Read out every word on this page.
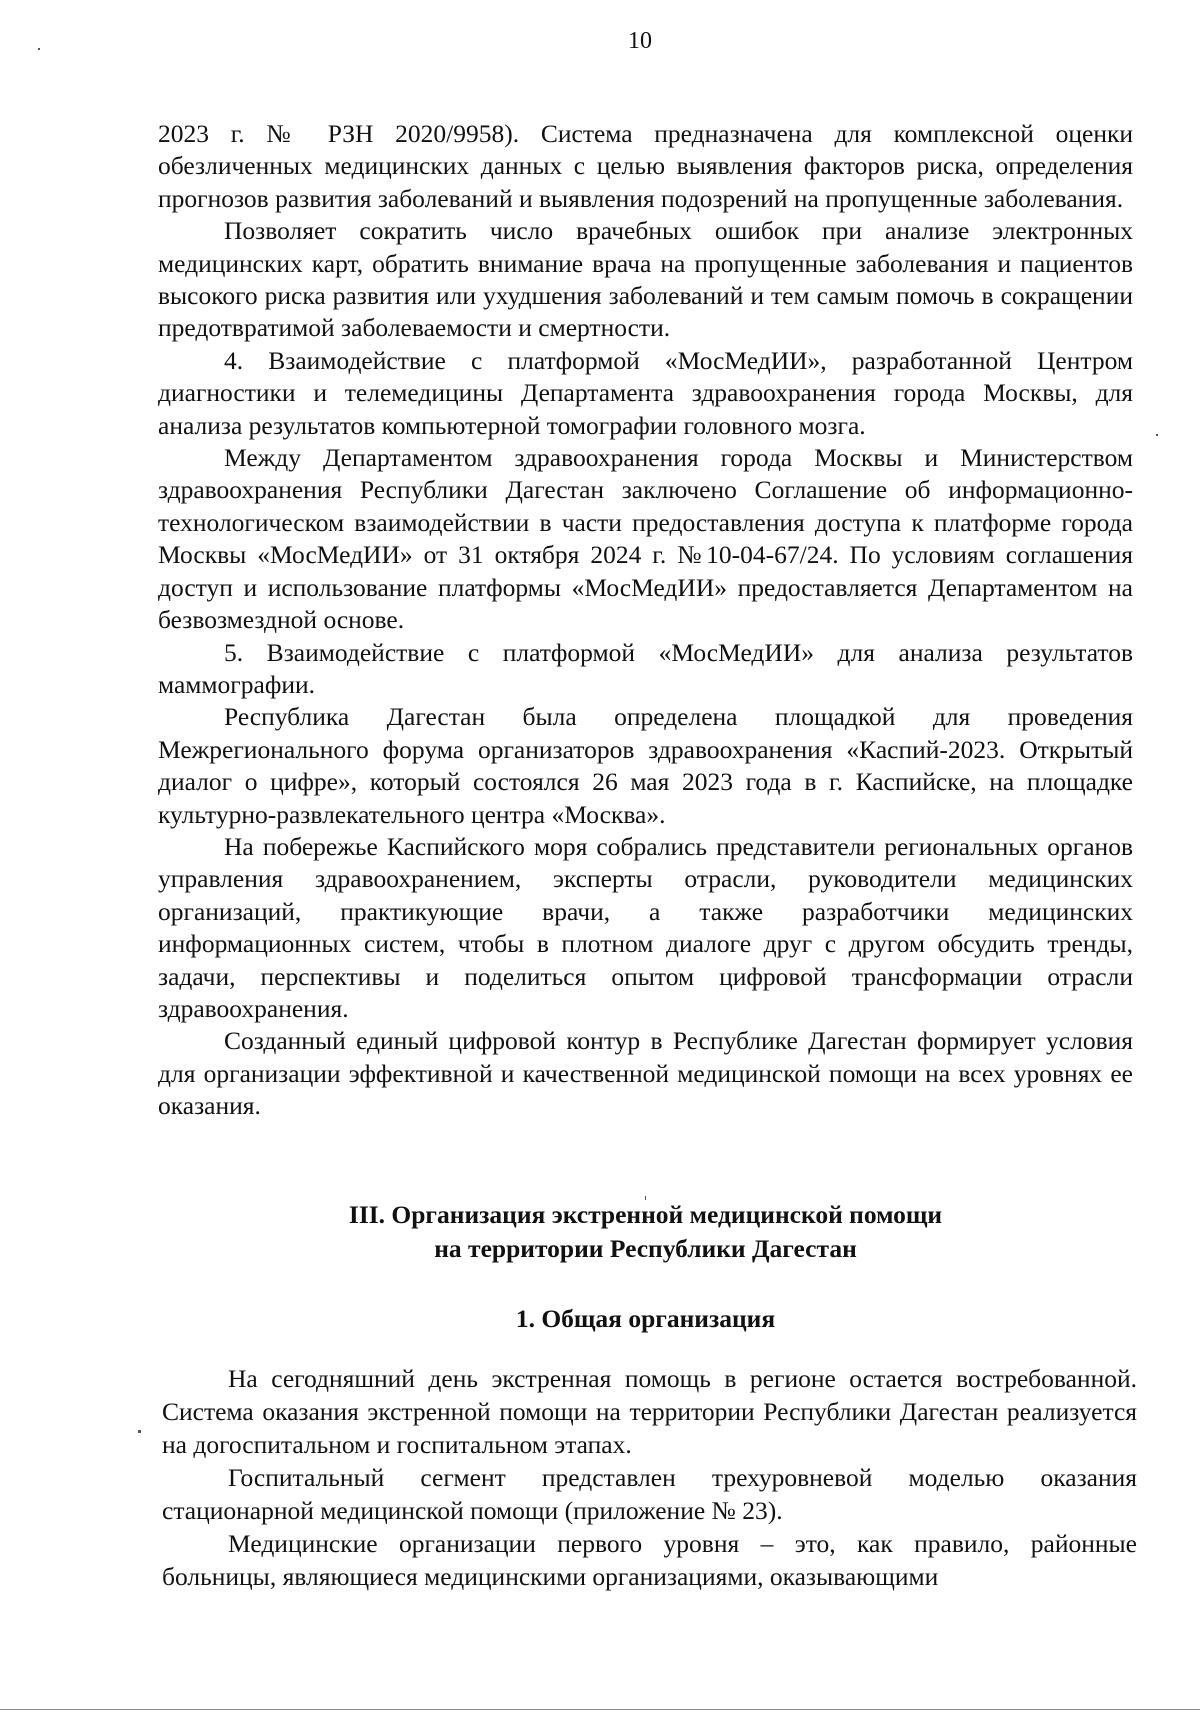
10

2023 г. № РЗН 2020/9958). Система предназначена для комплексной оценки обезличенных медицинских данных с целью выявления факторов риска, определения прогнозов развития заболеваний и выявления подозрений на пропущенные заболевания.

Позволяет сократить число врачебных ошибок при анализе электронных медицинских карт, обратить внимание врача на пропущенные заболевания и пациентов высокого риска развития или ухудшения заболеваний и тем самым помочь в сокращении предотвратимой заболеваемости и смертности.

4. Взаимодействие с платформой «МосМедИИ», разработанной Центром диагностики и телемедицины Департамента здравоохранения города Москвы, для анализа результатов компьютерной томографии головного мозга.

Между Департаментом здравоохранения города Москвы и Министерством здравоохранения Республики Дагестан заключено Соглашение об информационно-технологическом взаимодействии в части предоставления доступа к платформе города Москвы «МосМедИИ» от 31 октября 2024 г. №10-04-67/24. По условиям соглашения доступ и использование платформы «МосМедИИ» предоставляется Департаментом на безвозмездной основе.

5. Взаимодействие с платформой «МосМедИИ» для анализа результатов маммографии.

Республика Дагестан была определена площадкой для проведения Межрегионального форума организаторов здравоохранения «Каспий-2023. Открытый диалог о цифре», который состоялся 26 мая 2023 года в г. Каспийске, на площадке культурно-развлекательного центра «Москва».

На побережье Каспийского моря собрались представители региональных органов управления здравоохранением, эксперты отрасли, руководители медицинских организаций, практикующие врачи, а также разработчики медицинских информационных систем, чтобы в плотном диалоге друг с другом обсудить тренды, задачи, перспективы и поделиться опытом цифровой трансформации отрасли здравоохранения.

Созданный единый цифровой контур в Республике Дагестан формирует условия для организации эффективной и качественной медицинской помощи на всех уровнях ее оказания.

III. Организация экстренной медицинской помощи
на территории Республики Дагестан
1. Общая организация

На сегодняшний день экстренная помощь в регионе остается востребованной. Система оказания экстренной помощи на территории Республики Дагестан реализуется на догоспитальном и госпитальном этапах.

Госпитальный сегмент представлен трехуровневой моделью оказания стационарной медицинской помощи (приложение № 23).

Медицинские организации первого уровня – это, как правило, районные больницы, являющиеся медицинскими организациями, оказывающими
